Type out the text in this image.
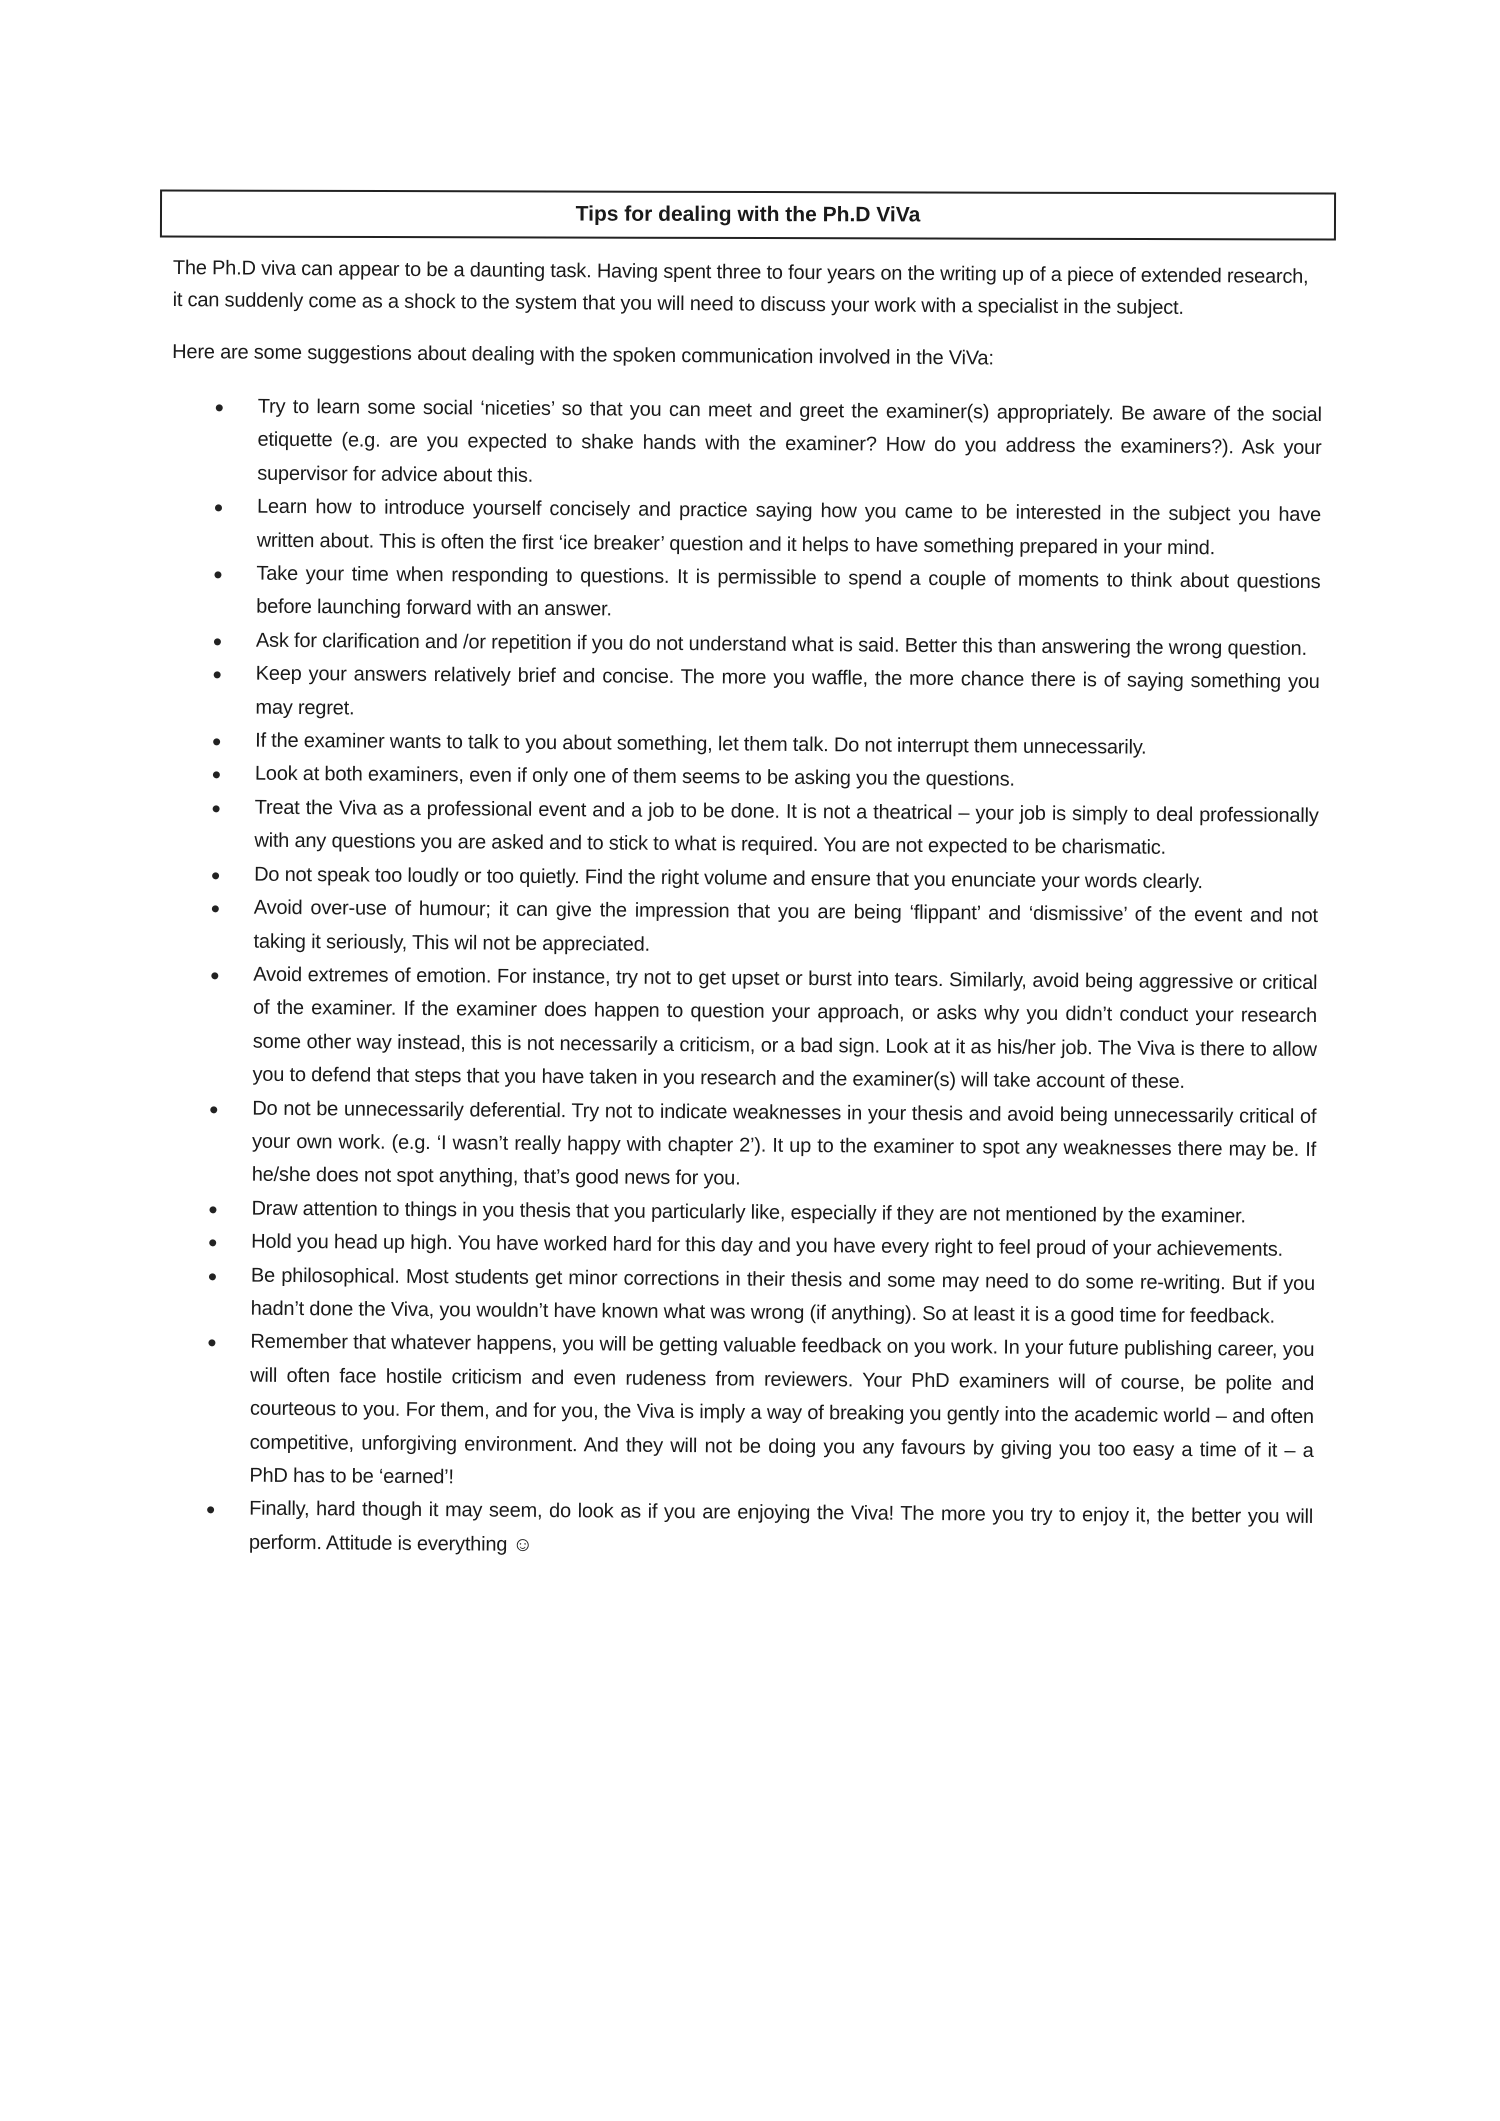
Tips for dealing with the Ph.D ViVa

The Ph.D viva can appear to be a daunting task. Having spent three to four years on the writing up of a piece of extended research, it can suddenly come as a shock to the system that you will need to discuss your work with a specialist in the subject.

Here are some suggestions about dealing with the spoken communication involved in the ViVa:

Try to learn some social ‘niceties’ so that you can meet and greet the examiner(s) appropriately. Be aware of the social etiquette (e.g. are you expected to shake hands with the examiner? How do you address the examiners?). Ask your supervisor for advice about this.
Learn how to introduce yourself concisely and practice saying how you came to be interested in the subject you have written about. This is often the first ‘ice breaker’ question and it helps to have something prepared in your mind.
Take your time when responding to questions. It is permissible to spend a couple of moments to think about questions before launching forward with an answer.
Ask for clarification and /or repetition if you do not understand what is said. Better this than answering the wrong question.
Keep your answers relatively brief and concise. The more you waffle, the more chance there is of saying something you may regret.
If the examiner wants to talk to you about something, let them talk. Do not interrupt them unnecessarily.
Look at both examiners, even if only one of them seems to be asking you the questions.
Treat the Viva as a professional event and a job to be done. It is not a theatrical – your job is simply to deal professionally with any questions you are asked and to stick to what is required. You are not expected to be charismatic.
Do not speak too loudly or too quietly. Find the right volume and ensure that you enunciate your words clearly.
Avoid over-use of humour; it can give the impression that you are being ‘flippant’ and ‘dismissive’ of the event and not taking it seriously, This wil not be appreciated.
Avoid extremes of emotion. For instance, try not to get upset or burst into tears. Similarly, avoid being aggressive or critical of the examiner. If the examiner does happen to question your approach, or asks why you didn’t conduct your research some other way instead, this is not necessarily a criticism, or a bad sign. Look at it as his/her job. The Viva is there to allow you to defend that steps that you have taken in you research and the examiner(s) will take account of these.
Do not be unnecessarily deferential. Try not to indicate weaknesses in your thesis and avoid being unnecessarily critical of your own work. (e.g. ‘I wasn’t really happy with chapter 2’). It up to the examiner to spot any weaknesses there may be. If he/she does not spot anything, that’s good news for you.
Draw attention to things in you thesis that you particularly like, especially if they are not mentioned by the examiner.
Hold you head up high. You have worked hard for this day and you have every right to feel proud of your achievements.
Be philosophical. Most students get minor corrections in their thesis and some may need to do some re-writing. But if you hadn’t done the Viva, you wouldn’t have known what was wrong (if anything). So at least it is a good time for feedback.
Remember that whatever happens, you will be getting valuable feedback on you work. In your future publishing career, you will often face hostile criticism and even rudeness from reviewers. Your PhD examiners will of course, be polite and courteous to you. For them, and for you, the Viva is imply a way of breaking you gently into the academic world – and often competitive, unforgiving environment. And they will not be doing you any favours by giving you too easy a time of it – a PhD has to be ‘earned’!
Finally, hard though it may seem, do look as if you are enjoying the Viva! The more you try to enjoy it, the better you will perform. Attitude is everything ☺
